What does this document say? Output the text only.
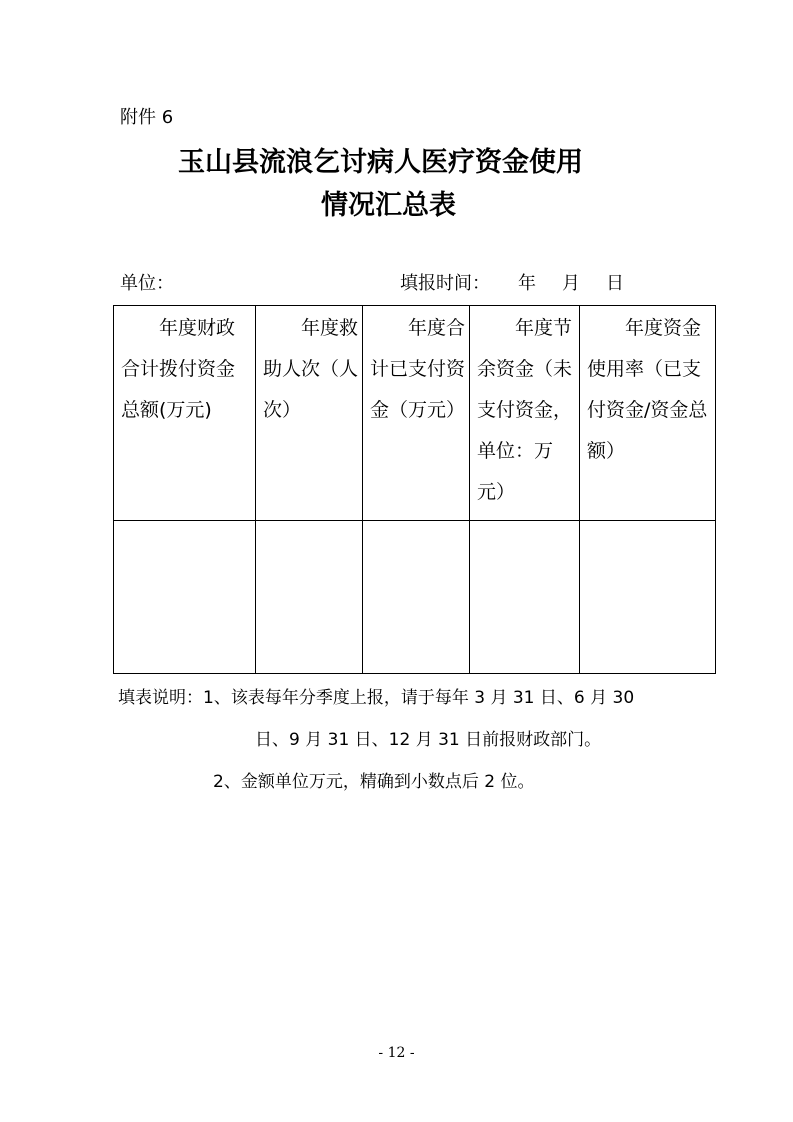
附件 6
玉山县流浪乞讨病人医疗资金使用
情况汇总表
单位：	填报时间： 年 月 日
年度财政合计拨付资金总额(万元)	年度救助人次（人次）	年度合计已支付资金（万元）	年度节余资金（未支付资金，单位：万元）	年度资金使用率（已支付资金/资金总额）

填表说明：1、该表每年分季度上报，请于每年 3 月 31 日、6 月 30
日、9 月 31 日、12 月 31 日前报财政部门。
2、金额单位万元，精确到小数点后 2 位。
- 12 -
